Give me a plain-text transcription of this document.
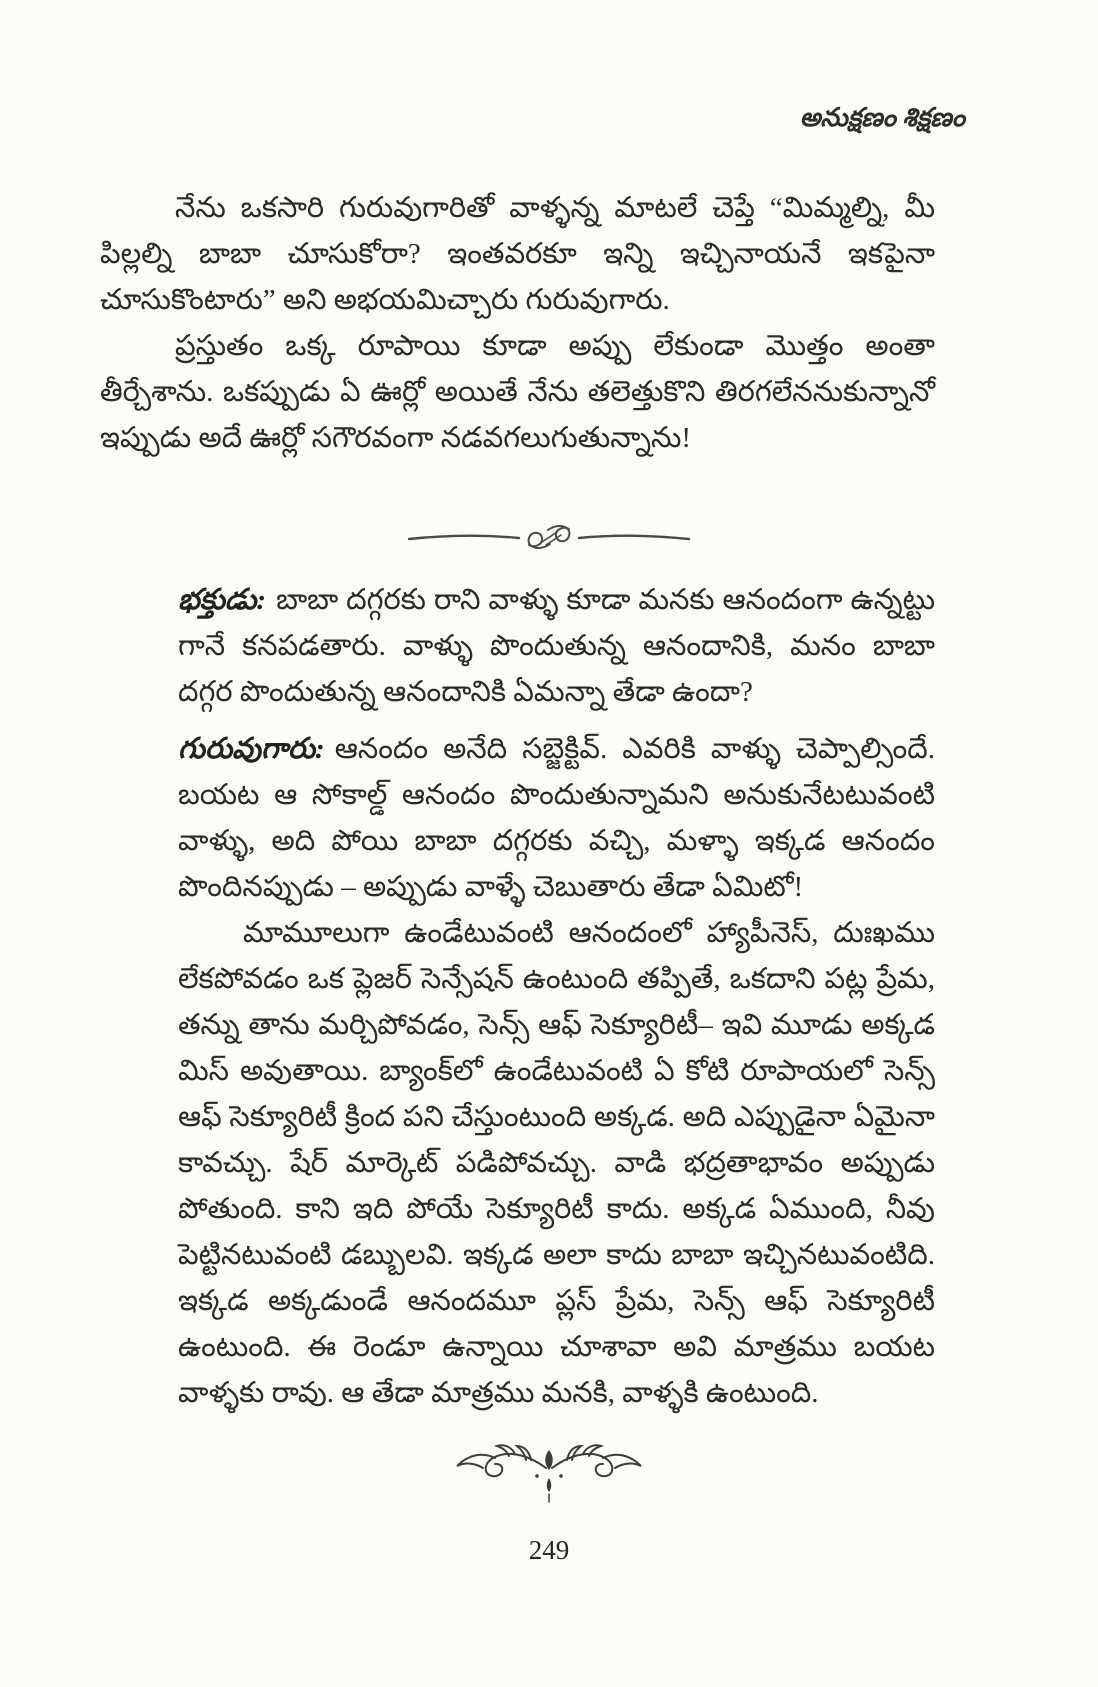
అనుక్షణం శిక్షణం

నేను ఒకసారి గురువుగారితో వాళ్ళన్న మాటలే చెప్తే “మిమ్మల్ని, మీ పిల్లల్ని బాబా చూసుకోరా? ఇంతవరకూ ఇన్ని ఇచ్చినాయనే ఇకపైనా చూసుకొంటారు” అని అభయమిచ్చారు గురువుగారు.

ప్రస్తుతం ఒక్క రూపాయి కూడా అప్పు లేకుండా మొత్తం అంతా తీర్చేశాను. ఒకప్పుడు ఏ ఊర్లో అయితే నేను తలెత్తుకొని తిరగలేననుకున్నానో ఇప్పుడు అదే ఊర్లో సగౌరవంగా నడవగలుగుతున్నాను!

భక్తుడు: బాబా దగ్గరకు రాని వాళ్ళు కూడా మనకు ఆనందంగా ఉన్నట్టు గానే కనపడతారు. వాళ్ళు పొందుతున్న ఆనందానికి, మనం బాబా దగ్గర పొందుతున్న ఆనందానికి ఏమన్నా తేడా ఉందా?

గురువుగారు: ఆనందం అనేది సబ్జెక్టివ్. ఎవరికి వాళ్ళు చెప్పాల్సిందే. బయట ఆ సోకాల్డ్ ఆనందం పొందుతున్నామని అనుకునేటటువంటి వాళ్ళు, అది పోయి బాబా దగ్గరకు వచ్చి, మళ్ళా ఇక్కడ ఆనందం పొందినప్పుడు – అప్పుడు వాళ్ళే చెబుతారు తేడా ఏమిటో!

మామూలుగా ఉండేటువంటి ఆనందంలో హ్యాపీనెస్, దుఃఖము లేకపోవడం ఒక ప్లెజర్ సెన్సేషన్ ఉంటుంది తప్పితే, ఒకదాని పట్ల ప్రేమ, తన్ను తాను మర్చిపోవడం, సెన్స్ ఆఫ్ సెక్యూరిటీ– ఇవి మూడు అక్కడ మిస్ అవుతాయి. బ్యాంక్‌లో ఉండేటువంటి ఏ కోటి రూపాయలో సెన్స్ ఆఫ్ సెక్యూరిటీ క్రింద పని చేస్తుంటుంది అక్కడ. అది ఎప్పుడైనా ఏమైనా కావచ్చు. షేర్ మార్కెట్ పడిపోవచ్చు. వాడి భద్రతాభావం అప్పుడు పోతుంది. కాని ఇది పోయే సెక్యూరిటీ కాదు. అక్కడ ఏముంది, నీవు పెట్టినటువంటి డబ్బులవి. ఇక్కడ అలా కాదు బాబా ఇచ్చినటువంటిది. ఇక్కడ అక్కడుండే ఆనందమూ ప్లస్ ప్రేమ, సెన్స్ ఆఫ్ సెక్యూరిటీ ఉంటుంది. ఈ రెండూ ఉన్నాయి చూశావా అవి మాత్రము బయట వాళ్ళకు రావు. ఆ తేడా మాత్రము మనకి, వాళ్ళకి ఉంటుంది.

249
